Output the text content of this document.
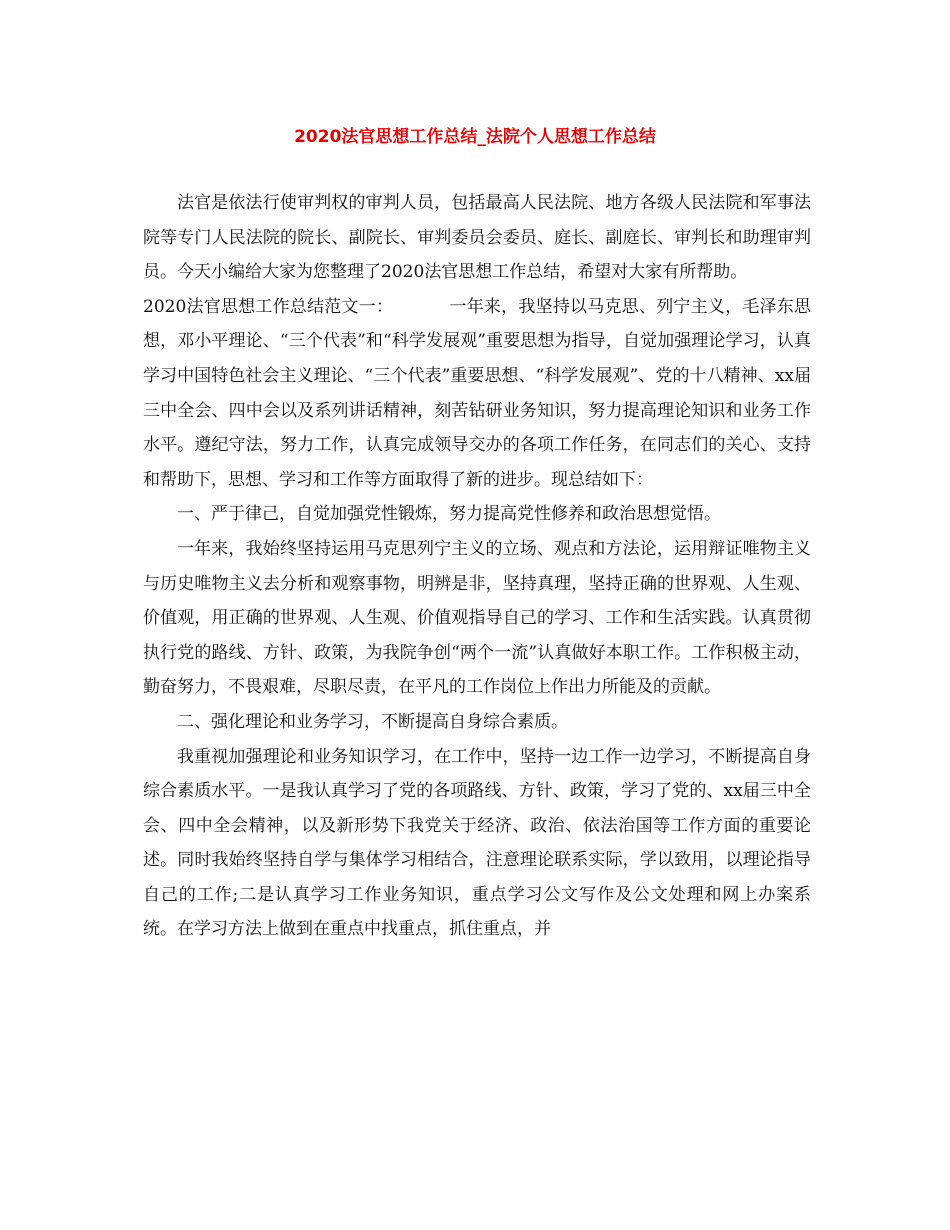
2020法官思想工作总结_法院个人思想工作总结

法官是依法行使审判权的审判人员，包括最高人民法院、地方各级人民法院和军事法院等专门人民法院的院长、副院长、审判委员会委员、庭长、副庭长、审判长和助理审判员。今天小编给大家为您整理了2020法官思想工作总结，希望对大家有所帮助。

2020法官思想工作总结范文一：	一年来，我坚持以马克思、列宁主义，毛泽东思想，邓小平理论、“三个代表”和“科学发展观”重要思想为指导，自觉加强理论学习，认真学习中国特色社会主义理论、“三个代表”重要思想、“科学发展观”、党的十八精神、xx届三中全会、四中会以及系列讲话精神，刻苦钻研业务知识，努力提高理论知识和业务工作水平。遵纪守法，努力工作，认真完成领导交办的各项工作任务，在同志们的关心、支持和帮助下，思想、学习和工作等方面取得了新的进步。现总结如下：

一、严于律己，自觉加强党性锻炼，努力提高党性修养和政治思想觉悟。

一年来，我始终坚持运用马克思列宁主义的立场、观点和方法论，运用辩证唯物主义与历史唯物主义去分析和观察事物，明辨是非，坚持真理，坚持正确的世界观、人生观、价值观，用正确的世界观、人生观、价值观指导自己的学习、工作和生活实践。认真贯彻执行党的路线、方针、政策，为我院争创“两个一流”认真做好本职工作。工作积极主动，勤奋努力，不畏艰难，尽职尽责，在平凡的工作岗位上作出力所能及的贡献。

二、强化理论和业务学习，不断提高自身综合素质。

我重视加强理论和业务知识学习，在工作中，坚持一边工作一边学习，不断提高自身综合素质水平。一是我认真学习了党的各项路线、方针、政策，学习了党的、xx届三中全会、四中全会精神，以及新形势下我党关于经济、政治、依法治国等工作方面的重要论述。同时我始终坚持自学与集体学习相结合，注意理论联系实际，学以致用，以理论指导自己的工作;二是认真学习工作业务知识，重点学习公文写作及公文处理和网上办案系统。在学习方法上做到在重点中找重点，抓住重点，并
